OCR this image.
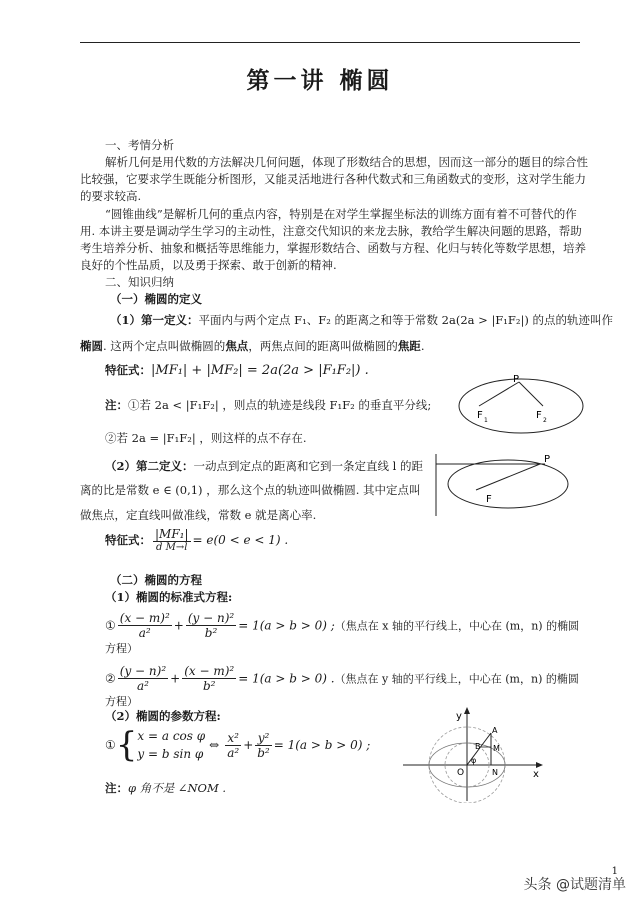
第一讲 椭圆
一、考情分析
解析几何是用代数的方法解决几何问题，体现了形数结合的思想，因而这一部分的题目的综合性
比较强，它要求学生既能分析图形，又能灵活地进行各种代数式和三角函数式的变形，这对学生能力
的要求较高.
“圆锥曲线”是解析几何的重点内容，特别是在对学生掌握坐标法的训练方面有着不可替代的作
用. 本讲主要是调动学生学习的主动性，注意交代知识的来龙去脉，教给学生解决问题的思路，帮助
考生培养分析、抽象和概括等思维能力，掌握形数结合、函数与方程、化归与转化等数学思想，培养
良好的个性品质，以及勇于探索、敢于创新的精神.
二、知识归纳
（一）椭圆的定义
（1）第一定义：平面内与两个定点 F₁、F₂ 的距离之和等于常数 2a(2a > |F₁F₂|) 的点的轨迹叫作
椭圆. 这两个定点叫做椭圆的焦点，两焦点间的距离叫做椭圆的焦距.
特征式：|MF₁| + |MF₂| = 2a(2a > |F₁F₂|) .
注：①若 2a < |F₁F₂| ，则点的轨迹是线段 F₁F₂ 的垂直平分线;
②若 2a = |F₁F₂| ，则这样的点不存在.
（2）第二定义：一动点到定点的距离和它到一条定直线 l 的距
离的比是常数 e ∈ (0,1) ，那么这个点的轨迹叫做椭圆. 其中定点叫
做焦点，定直线叫做准线，常数 e 就是离心率.
特征式： $\frac{\text{|MF₁|}}{\text{d M→l}} = e(0 < e < 1)$ .
（二）椭圆的方程
（1）椭圆的标准式方程:
① $\frac{\text{(x − m)²}}{\text{a²}} + \frac{\text{(y − n)²}}{\text{b²}} = 1(a > b > 0)$ ;（焦点在 x 轴的平行线上，中心在 (m，n) 的椭圆方程）
② $\frac{\text{(y − n)²}}{\text{a²}} + \frac{\text{(x − m)²}}{\text{b²}} = 1(a > b > 0)$ .（焦点在 y 轴的平行线上，中心在 (m，n) 的椭圆方程）
（2）椭圆的参数方程:
①{ x = a cos φ
y = b sin φ
⇔ $\frac{\text{x²}}{\text{a²}} + \frac{\text{y²}}{\text{b²}} = 1(a > b > 0)$ ;
注：φ 角不是 ∠NOM .
P
F 1	F 2
P
F
y
x
O
A
B M
N
φ
1
头条 @试题清单
